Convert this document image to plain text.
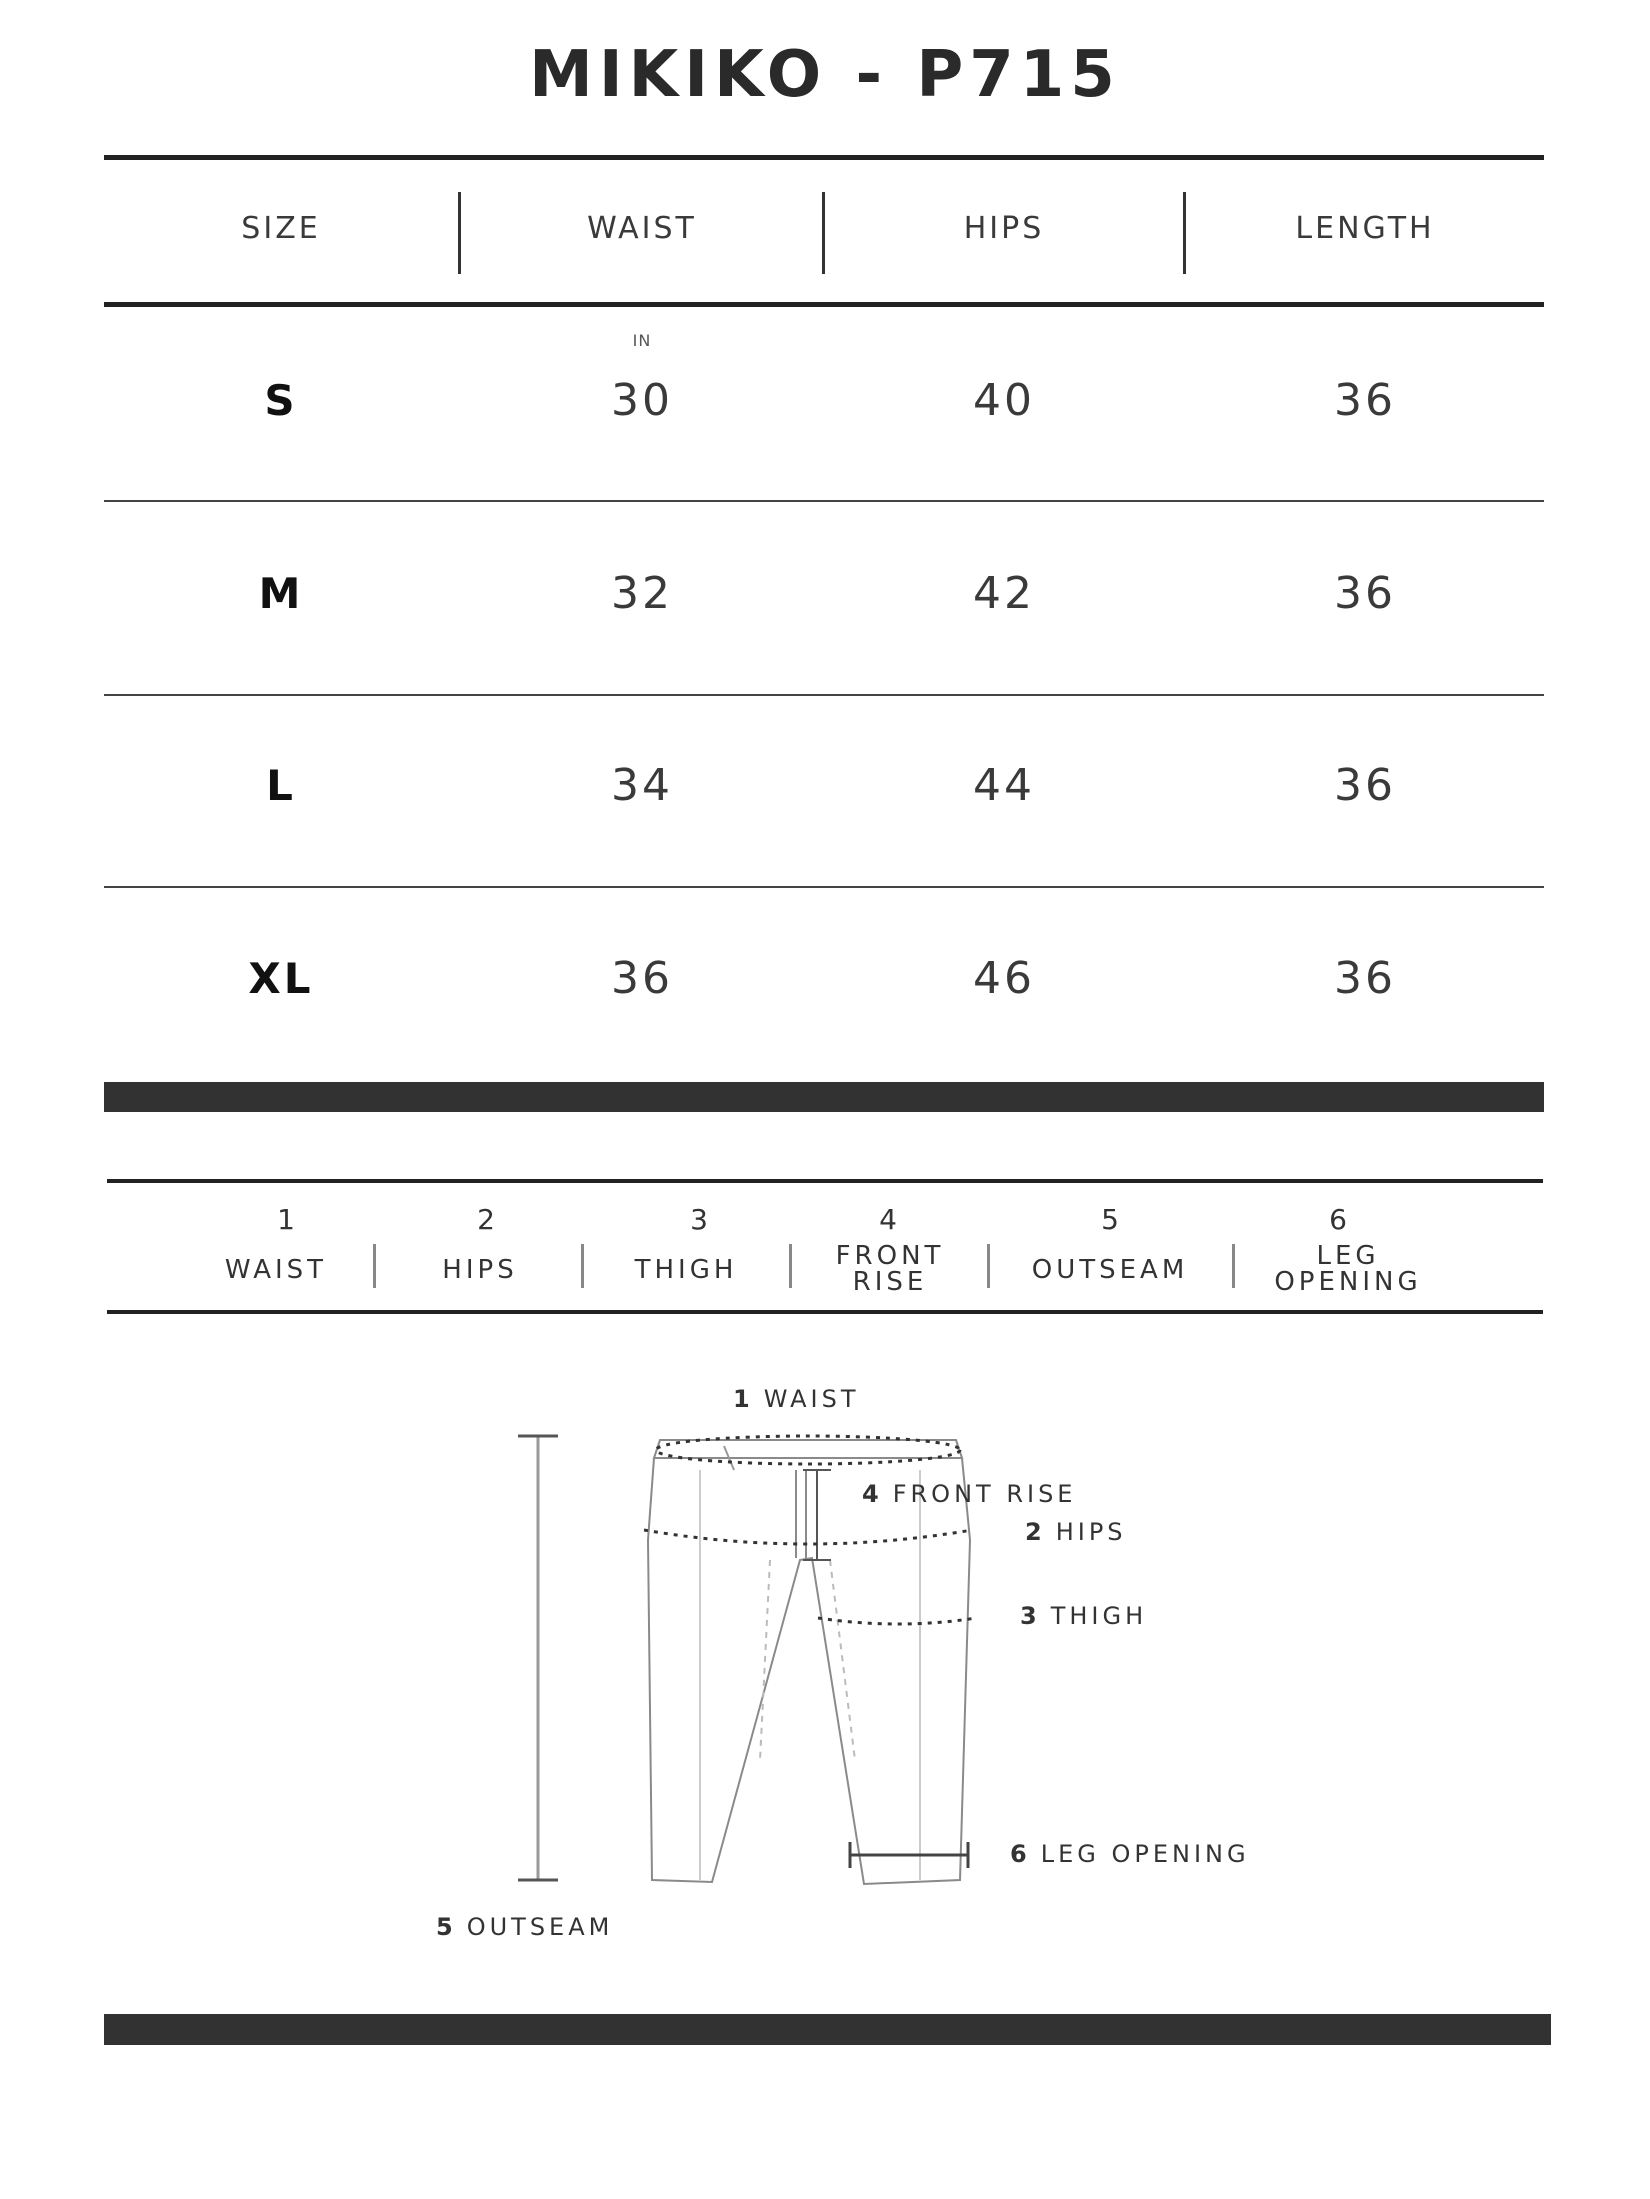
MIKIKO - P715
SIZE	WAIST	HIPS	LENGTH
IN
S	30	40	36
M	32	42	36
L	34	44	36
XL	36	46	36
1
WAIST
2
HIPS
3
THIGH
4
FRONT RISE
5
OUTSEAM
6
LEG OPENING
1 WAIST
4 FRONT RISE
2 HIPS
3 THIGH
6 LEG OPENING
5 OUTSEAM
